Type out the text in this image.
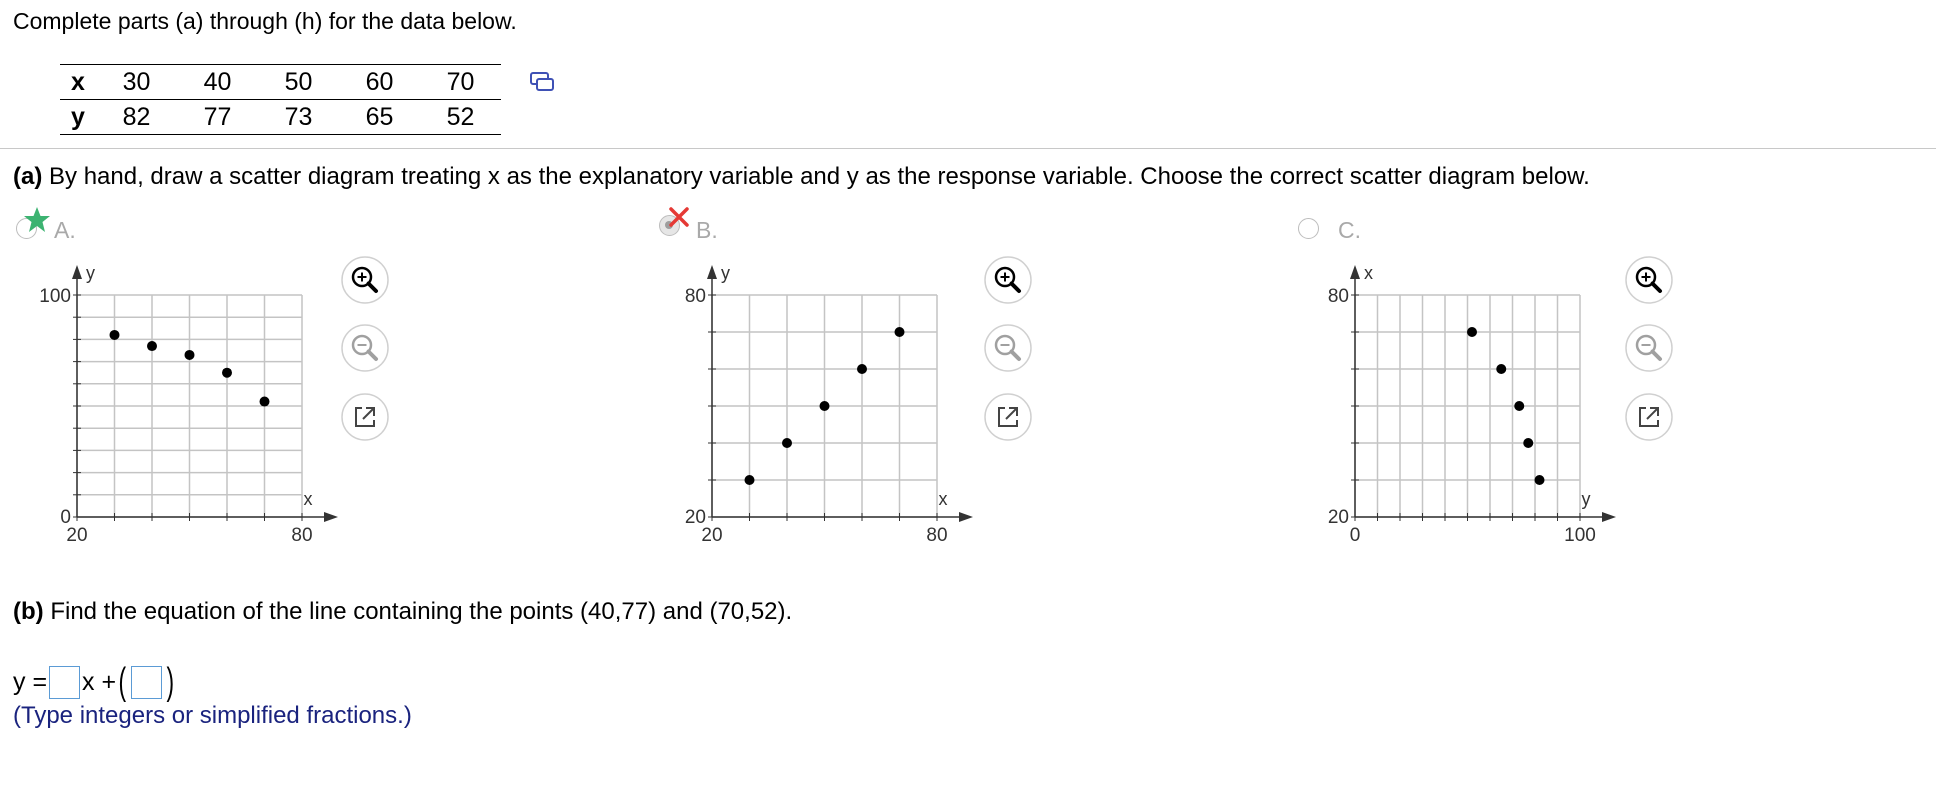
Complete parts (a) through (h) for the data below.
x	30	40	50	60	70
y	82	77	73	65	52
(a) By hand, draw a scatter diagram treating x as the explanatory variable and y as the response variable. Choose the correct scatter diagram below.
A.	B.	C.
y
x
0
100
20	80
y
x
20
80
20	80
x
y
20
80
0	100
(b) Find the equation of the line containing the points (40,77) and (70,52).
y = x + ( )
(Type integers or simplified fractions.)
